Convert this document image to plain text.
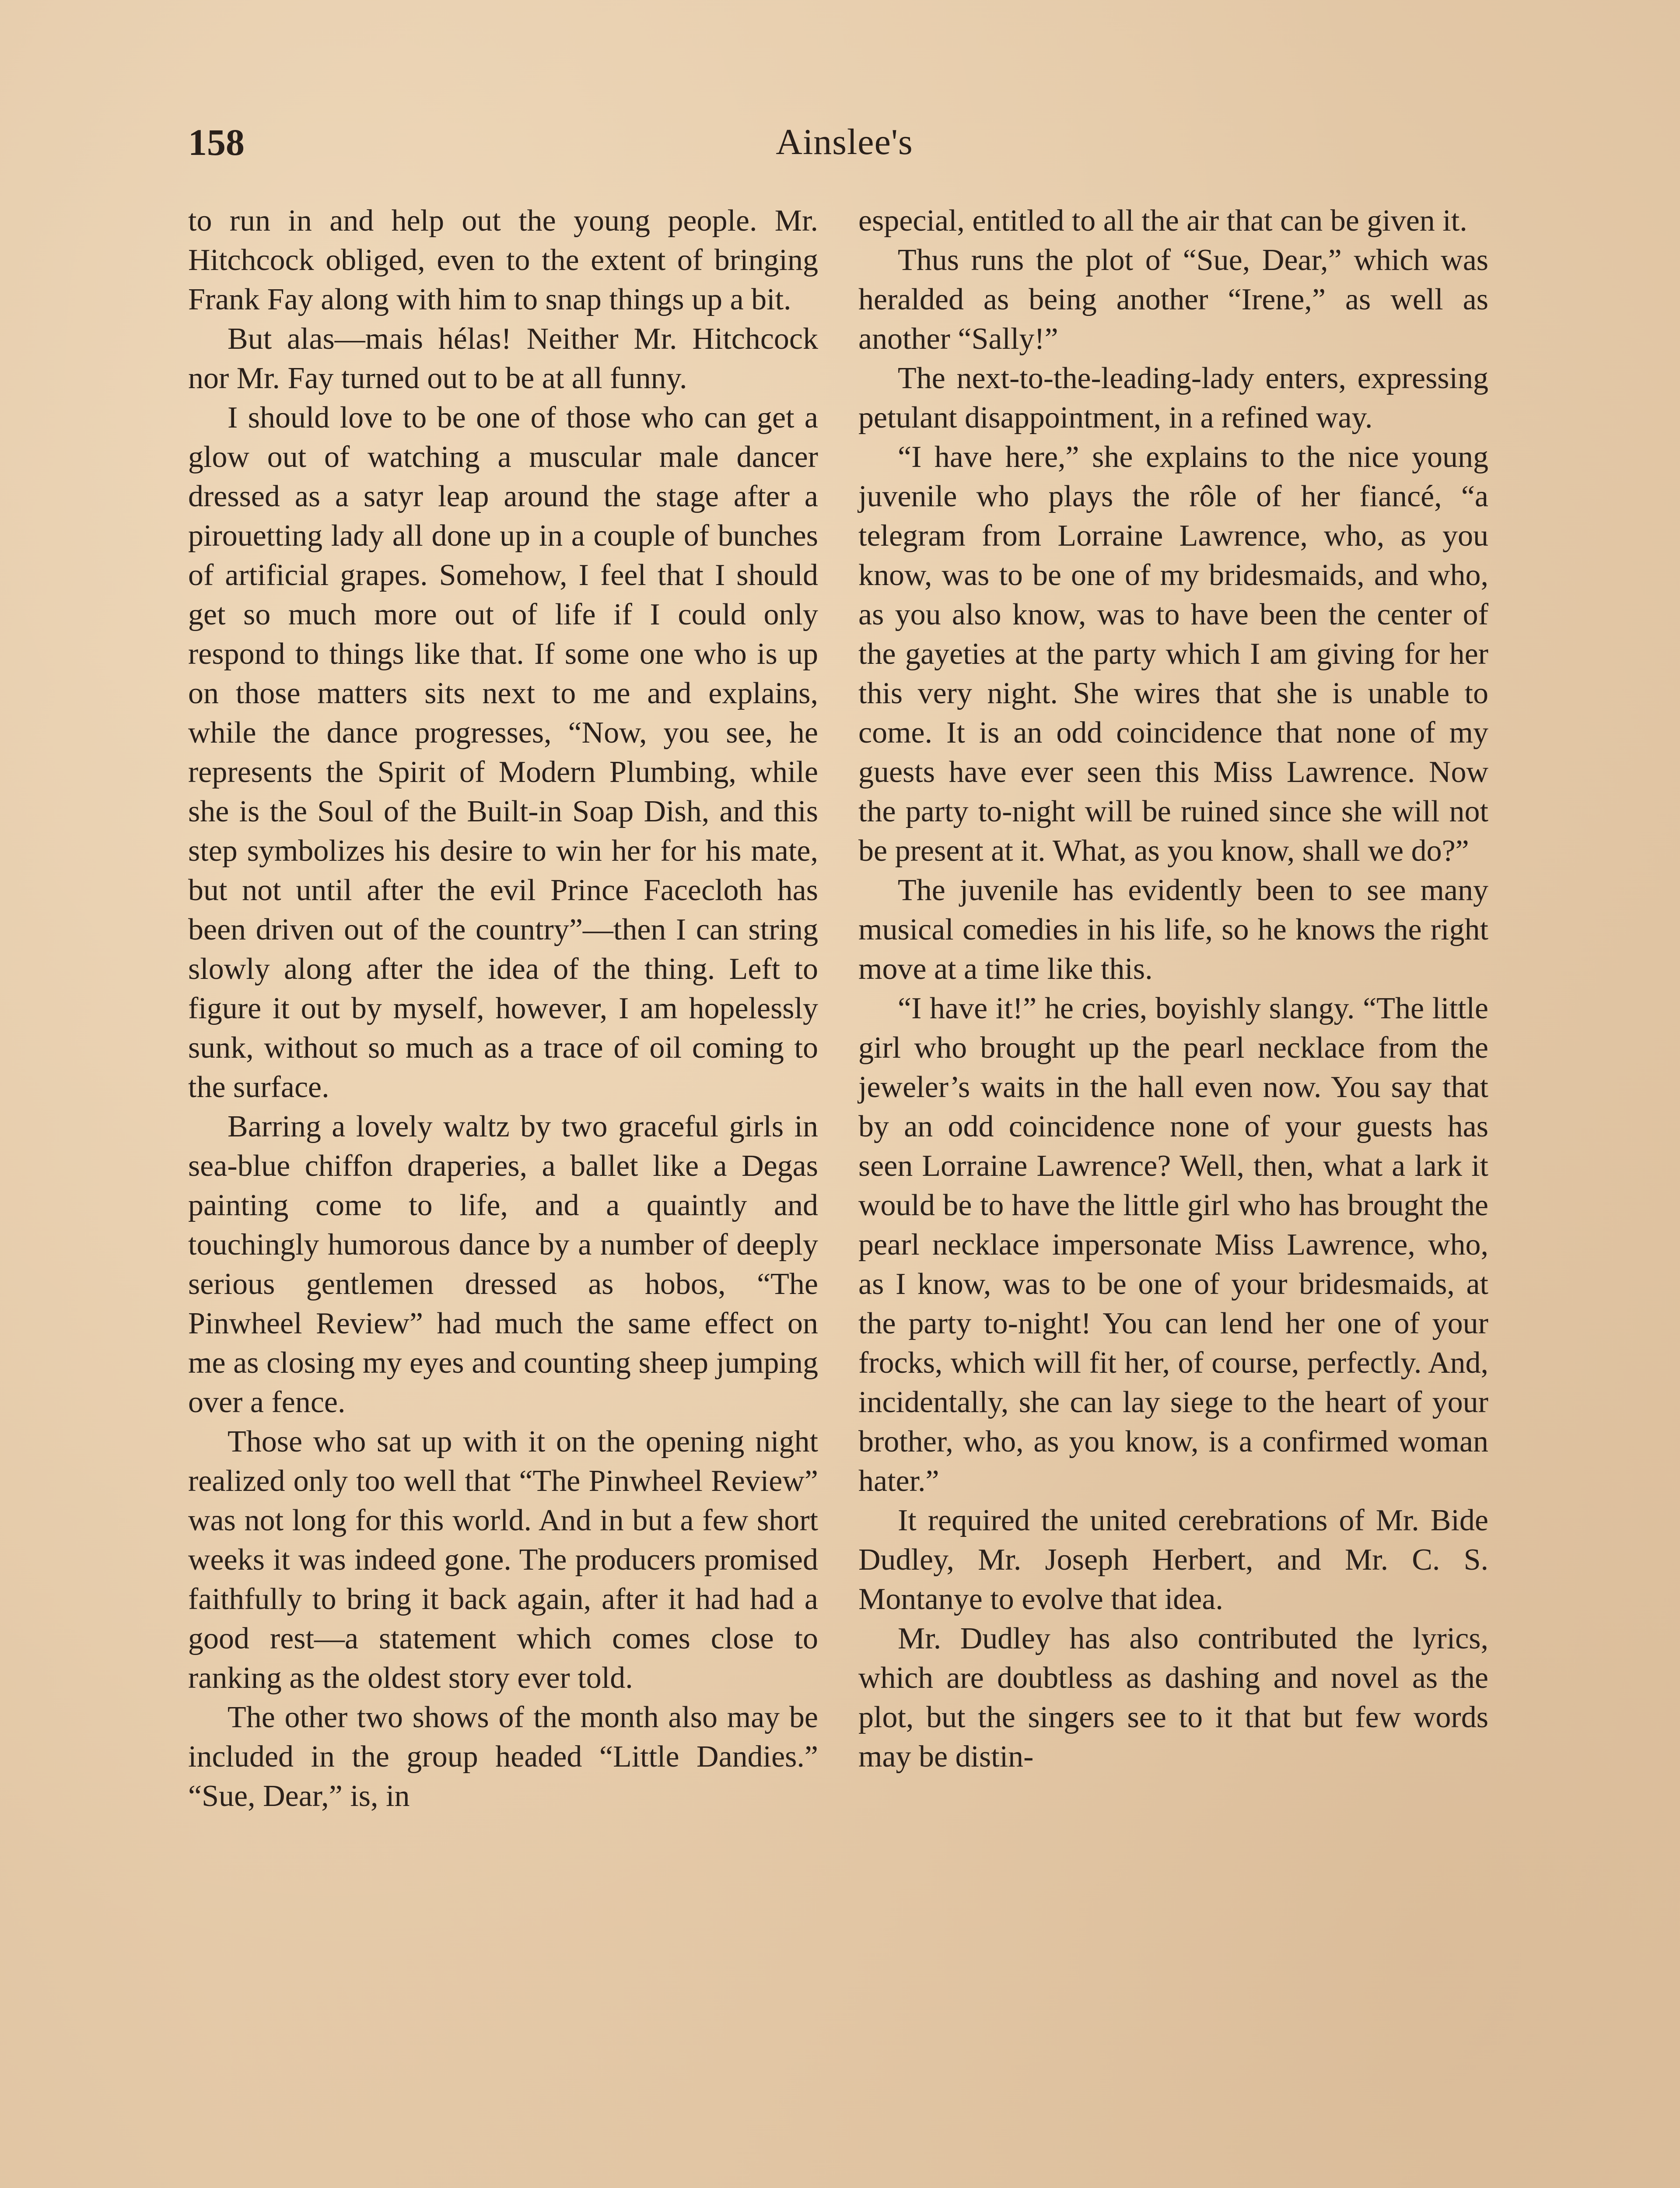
158	Ainslee's

to run in and help out the young people. Mr. Hitchcock obliged, even to the extent of bringing Frank Fay along with him to snap things up a bit.

But alas—mais hélas! Neither Mr. Hitchcock nor Mr. Fay turned out to be at all funny.

I should love to be one of those who can get a glow out of watching a muscular male dancer dressed as a satyr leap around the stage after a pirouetting lady all done up in a couple of bunches of artificial grapes. Somehow, I feel that I should get so much more out of life if I could only respond to things like that. If some one who is up on those matters sits next to me and explains, while the dance progresses, “Now, you see, he represents the Spirit of Modern Plumbing, while she is the Soul of the Built-in Soap Dish, and this step symbolizes his desire to win her for his mate, but not until after the evil Prince Facecloth has been driven out of the country”—then I can string slowly along after the idea of the thing. Left to figure it out by myself, however, I am hopelessly sunk, without so much as a trace of oil coming to the surface.

Barring a lovely waltz by two graceful girls in sea-blue chiffon draperies, a ballet like a Degas painting come to life, and a quaintly and touchingly humorous dance by a number of deeply serious gentlemen dressed as hobos, “The Pinwheel Review” had much the same effect on me as closing my eyes and counting sheep jumping over a fence.

Those who sat up with it on the opening night realized only too well that “The Pinwheel Review” was not long for this world. And in but a few short weeks it was indeed gone. The producers promised faithfully to bring it back again, after it had had a good rest—a statement which comes close to ranking as the oldest story ever told.

The other two shows of the month also may be included in the group headed “Little Dandies.” “Sue, Dear,” is, in

especial, entitled to all the air that can be given it.

Thus runs the plot of “Sue, Dear,” which was heralded as being another “Irene,” as well as another “Sally!”

The next-to-the-leading-lady enters, expressing petulant disappointment, in a refined way.

“I have here,” she explains to the nice young juvenile who plays the rôle of her fiancé, “a telegram from Lorraine Lawrence, who, as you know, was to be one of my bridesmaids, and who, as you also know, was to have been the center of the gayeties at the party which I am giving for her this very night. She wires that she is unable to come. It is an odd coincidence that none of my guests have ever seen this Miss Lawrence. Now the party to-night will be ruined since she will not be present at it. What, as you know, shall we do?”

The juvenile has evidently been to see many musical comedies in his life, so he knows the right move at a time like this.

“I have it!” he cries, boyishly slangy. “The little girl who brought up the pearl necklace from the jeweler’s waits in the hall even now. You say that by an odd coincidence none of your guests has seen Lorraine Lawrence? Well, then, what a lark it would be to have the little girl who has brought the pearl necklace impersonate Miss Lawrence, who, as I know, was to be one of your bridesmaids, at the party to-night! You can lend her one of your frocks, which will fit her, of course, perfectly. And, incidentally, she can lay siege to the heart of your brother, who, as you know, is a confirmed woman hater.”

It required the united cerebrations of Mr. Bide Dudley, Mr. Joseph Herbert, and Mr. C. S. Montanye to evolve that idea.

Mr. Dudley has also contributed the lyrics, which are doubtless as dashing and novel as the plot, but the singers see to it that but few words may be distin-
